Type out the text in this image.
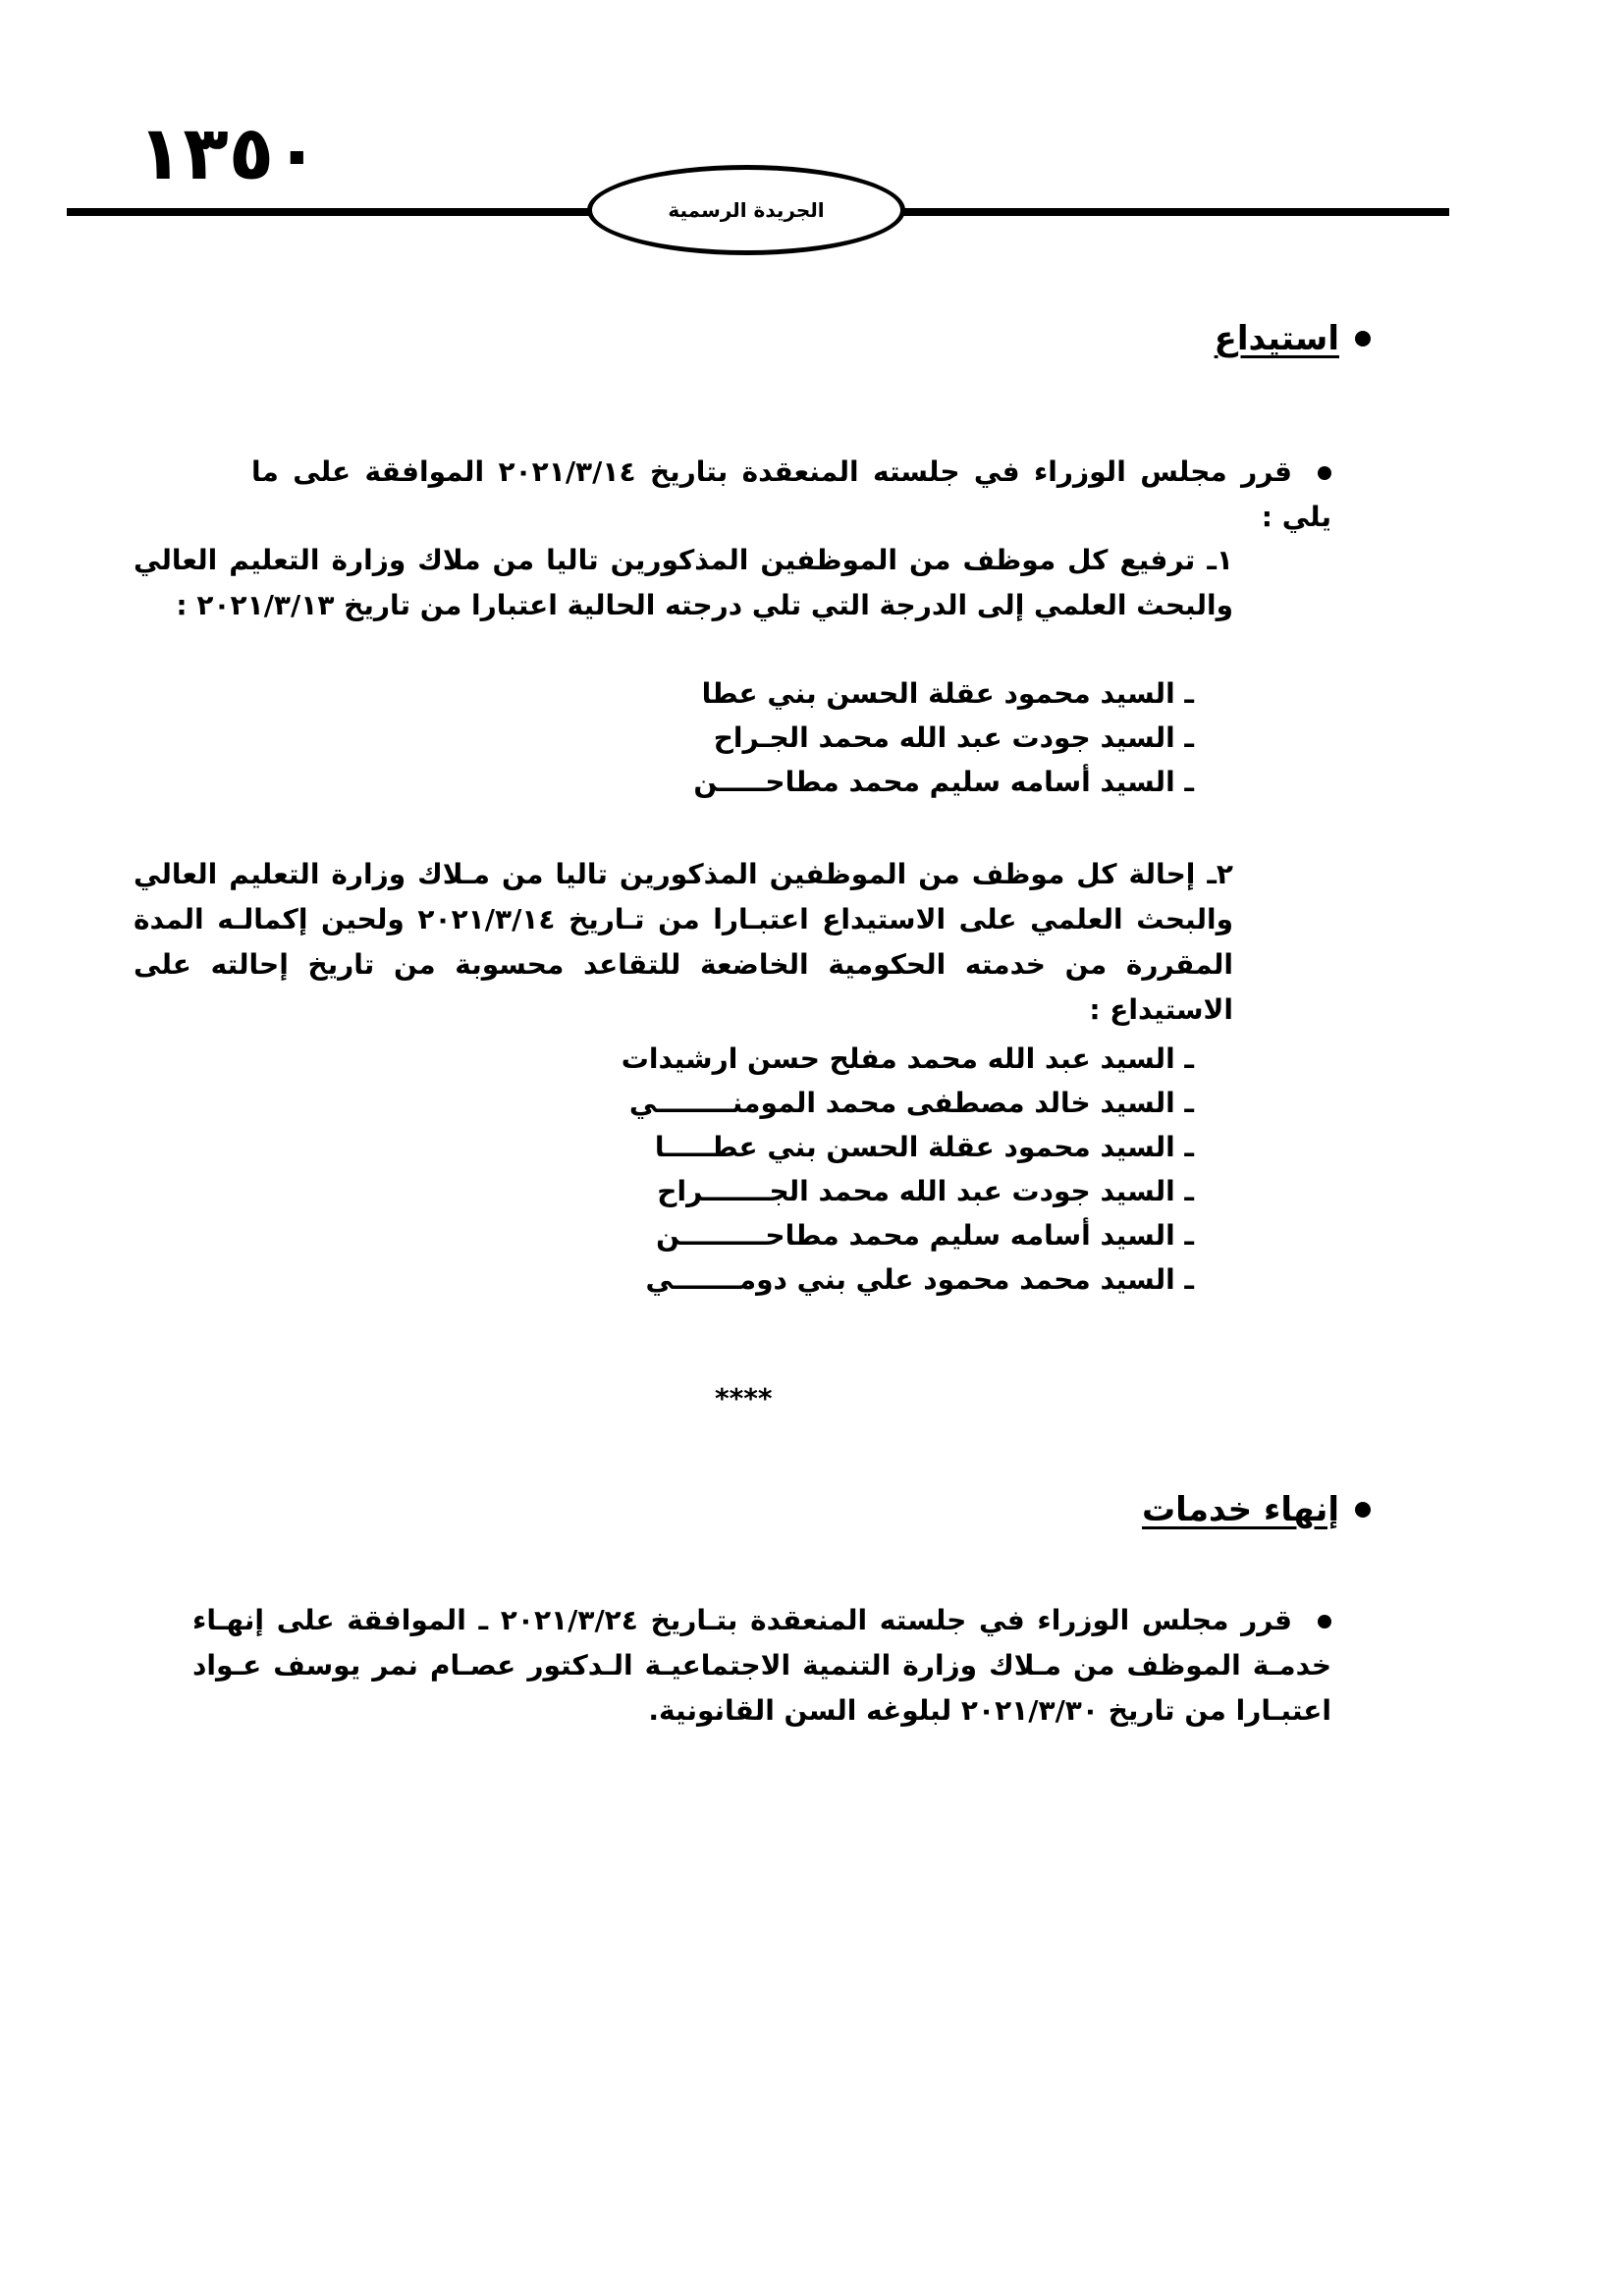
١٣٥٠
الجريدة الرسمية
استيداع
قرر مجلس الوزراء في جلسته المنعقدة بتاريخ ٢٠٢١/٣/١٤ الموافقة على ما يلي :
١ـ ترفيع كل موظف من الموظفين المذكورين تاليا من ملاك وزارة التعليم العالي والبحث العلمي إلى الدرجة التي تلي درجته الحالية اعتبارا من تاريخ ٢٠٢١/٣/١٣ :
ـ السيد محمود عقلة الحسن بني عطا
ـ السيد جودت عبد الله محمد الجـراح
ـ السيد أسامه سليم محمد مطاحـــــن
٢ـ إحالة كل موظف من الموظفين المذكورين تاليا من مـلاك وزارة التعليم العالي والبحث العلمي على الاستيداع اعتبـارا من تـاريخ ٢٠٢١/٣/١٤ ولحين إكمالـه المدة المقررة من خدمته الحكومية الخاضعة للتقاعد محسوبة من تاريخ إحالته على الاستيداع :
ـ السيد عبد الله محمد مفلح حسن ارشيدات
ـ السيد خالد مصطفى محمد المومنــــــــي
ـ السيد محمود عقلة الحسن بني عطـــــا
ـ السيد جودت عبد الله محمد الجـــــــراح
ـ السيد أسامه سليم محمد مطاحـــــــــن
ـ السيد محمد محمود علي بني دومـــــــي
****
إنهاء خدمات
قرر مجلس الوزراء في جلسته المنعقدة بتـاريخ ٢٠٢١/٣/٢٤ ـ الموافقة على إنهـاء خدمـة الموظف من مـلاك وزارة التنمية الاجتماعيـة الـدكتور عصـام نمر يوسف عـواد اعتبـارا من تاريخ ٢٠٢١/٣/٣٠ لبلوغه السن القانونية.
